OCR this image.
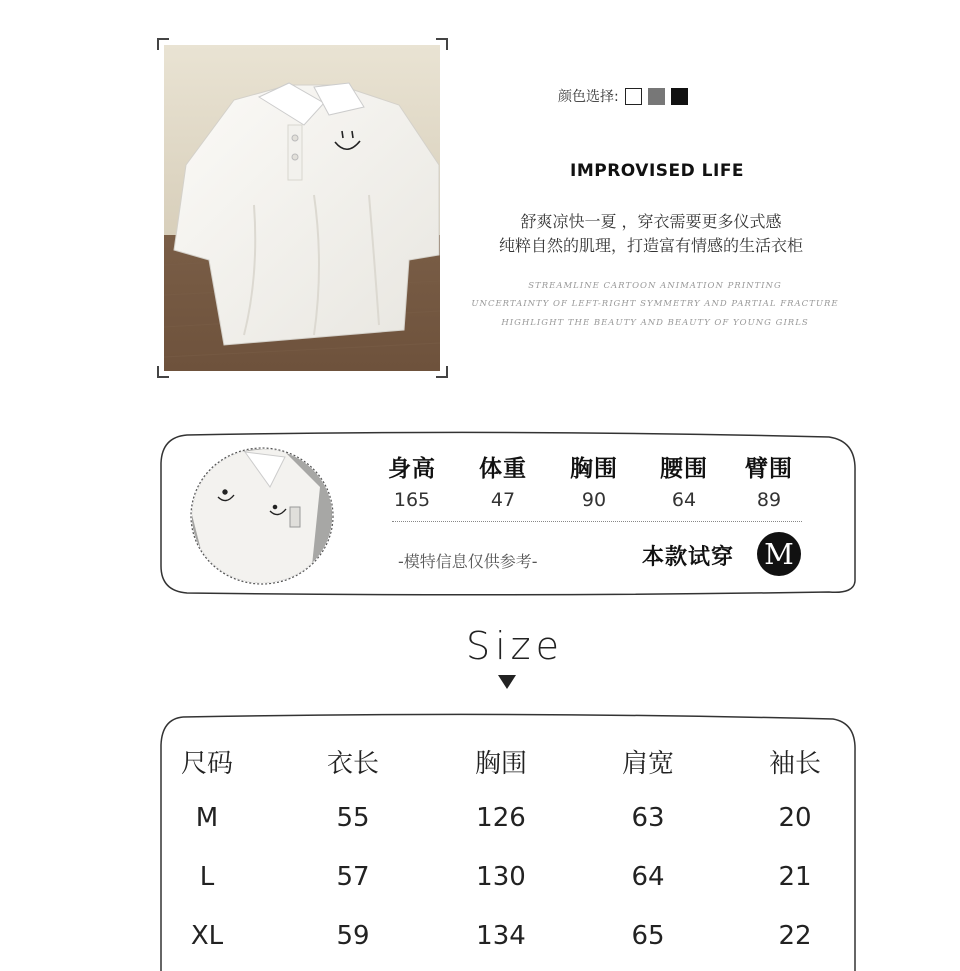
颜色选择:
IMPROVISED LIFE
舒爽凉快一夏 ，穿衣需要更多仪式感
纯粹自然的肌理，打造富有情感的生活衣柜
STREAMLINE CARTOON ANIMATION PRINTING
UNCERTAINTY OF LEFT-RIGHT SYMMETRY AND PARTIAL FRACTURE
HIGHLIGHT THE BEAUTY AND BEAUTY OF YOUNG GIRLS
身高	体重	胸围	腰围	臂围
165	47	90	64	89
-模特信息仅供参考-	本款试穿 M
Size
尺码	衣长	胸围	肩宽	袖长
M	55	126	63	20
L	57	130	64	21
XL	59	134	65	22
